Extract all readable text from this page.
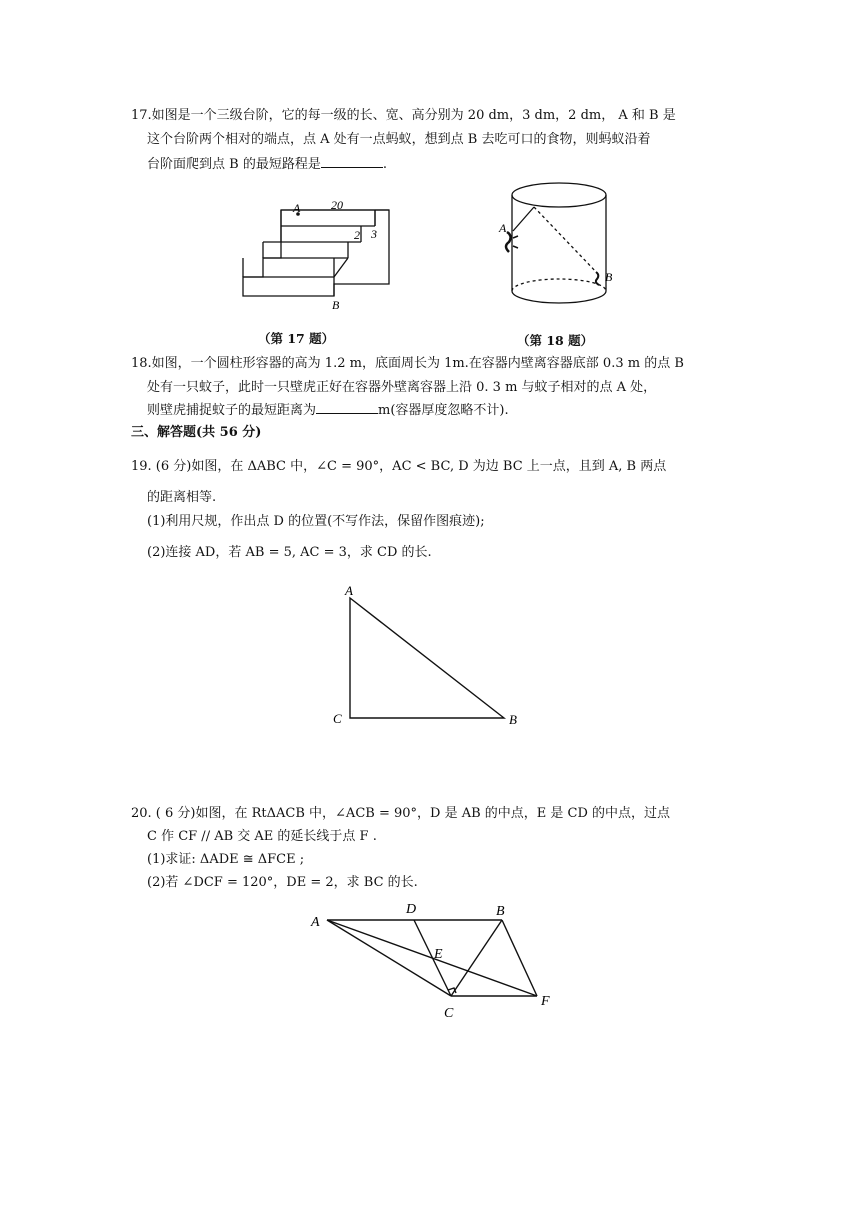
17.如图是一个三级台阶，它的每一级的长、宽、高分别为 20 dm，3 dm，2 dm， A 和 B 是
这个台阶两个相对的端点，点 A 处有一点蚂蚁，想到点 B 去吃可口的食物，则蚂蚁沿着
台阶面爬到点 B 的最短路程是	.
A
B
20
2 3
（第 17 题）
A
B
（第 18 题）
18.如图，一个圆柱形容器的高为 1.2 m，底面周长为 1m.在容器内壁离容器底部 0.3 m 的点 B
处有一只蚊子，此时一只壁虎正好在容器外壁离容器上沿 0. 3 m 与蚊子相对的点 A 处，
则壁虎捕捉蚊子的最短距离为	m(容器厚度忽略不计).
三、解答题(共 56 分)
19. (6 分)如图，在 ΔABC 中，∠C = 90°，AC < BC, D 为边 BC 上一点，且到 A, B 两点
的距离相等.
(1)利用尺规，作出点 D 的位置(不写作法，保留作图痕迹);
(2)连接 AD，若 AB = 5, AC = 3，求 CD 的长.
A
C	B
20. ( 6 分)如图，在 RtΔACB 中，∠ACB = 90°，D 是 AB 的中点，E 是 CD 的中点，过点
C 作 CF // AB 交 AE 的延长线于点 F .
(1)求证: ΔADE ≅ ΔFCE ;
(2)若 ∠DCF = 120°，DE = 2，求 BC 的长.
A
D	B
E
C
F
